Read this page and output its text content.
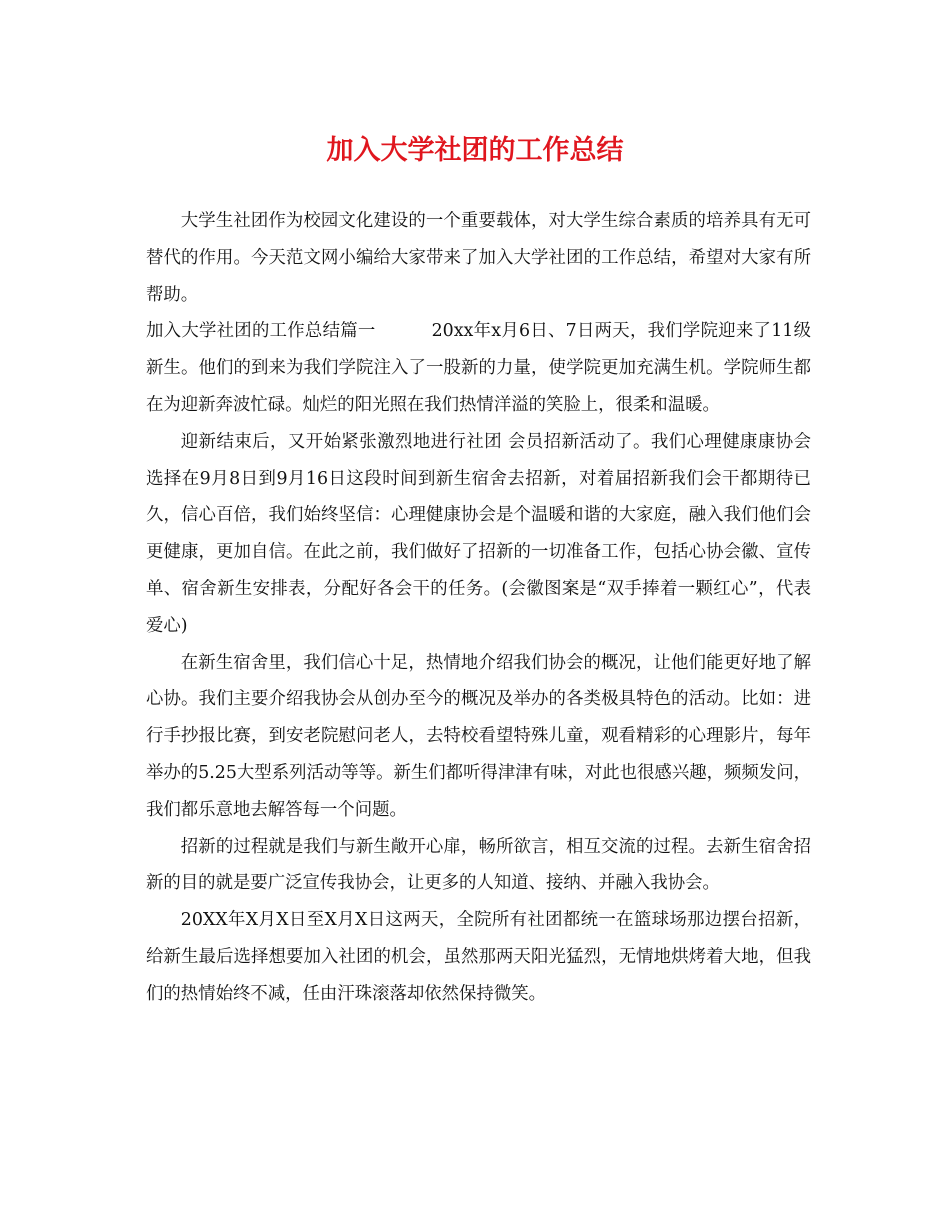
加入大学社团的工作总结

大学生社团作为校园文化建设的一个重要载体，对大学生综合素质的培养具有无可替代的作用。今天范文网小编给大家带来了加入大学社团的工作总结，希望对大家有所帮助。

加入大学社团的工作总结篇一	20xx年x月6日、7日两天，我们学院迎来了11级新生。他们的到来为我们学院注入了一股新的力量，使学院更加充满生机。学院师生都在为迎新奔波忙碌。灿烂的阳光照在我们热情洋溢的笑脸上，很柔和温暖。

迎新结束后，又开始紧张激烈地进行社团 会员招新活动了。我们心理健康康协会选择在9月8日到9月16日这段时间到新生宿舍去招新，对着届招新我们会干都期待已久，信心百倍，我们始终坚信：心理健康协会是个温暖和谐的大家庭，融入我们他们会更健康，更加自信。在此之前，我们做好了招新的一切准备工作，包括心协会徽、宣传单、宿舍新生安排表，分配好各会干的任务。(会徽图案是“双手捧着一颗红心”，代表爱心)

在新生宿舍里，我们信心十足，热情地介绍我们协会的概况，让他们能更好地了解心协。我们主要介绍我协会从创办至今的概况及举办的各类极具特色的活动。比如：进行手抄报比赛，到安老院慰问老人，去特校看望特殊儿童，观看精彩的心理影片，每年举办的5.25大型系列活动等等。新生们都听得津津有味，对此也很感兴趣，频频发问，我们都乐意地去解答每一个问题。

招新的过程就是我们与新生敞开心扉，畅所欲言，相互交流的过程。去新生宿舍招新的目的就是要广泛宣传我协会，让更多的人知道、接纳、并融入我协会。

20XX年X月X日至X月X日这两天，全院所有社团都统一在篮球场那边摆台招新，给新生最后选择想要加入社团的机会，虽然那两天阳光猛烈，无情地烘烤着大地，但我们的热情始终不减，任由汗珠滚落却依然保持微笑。
